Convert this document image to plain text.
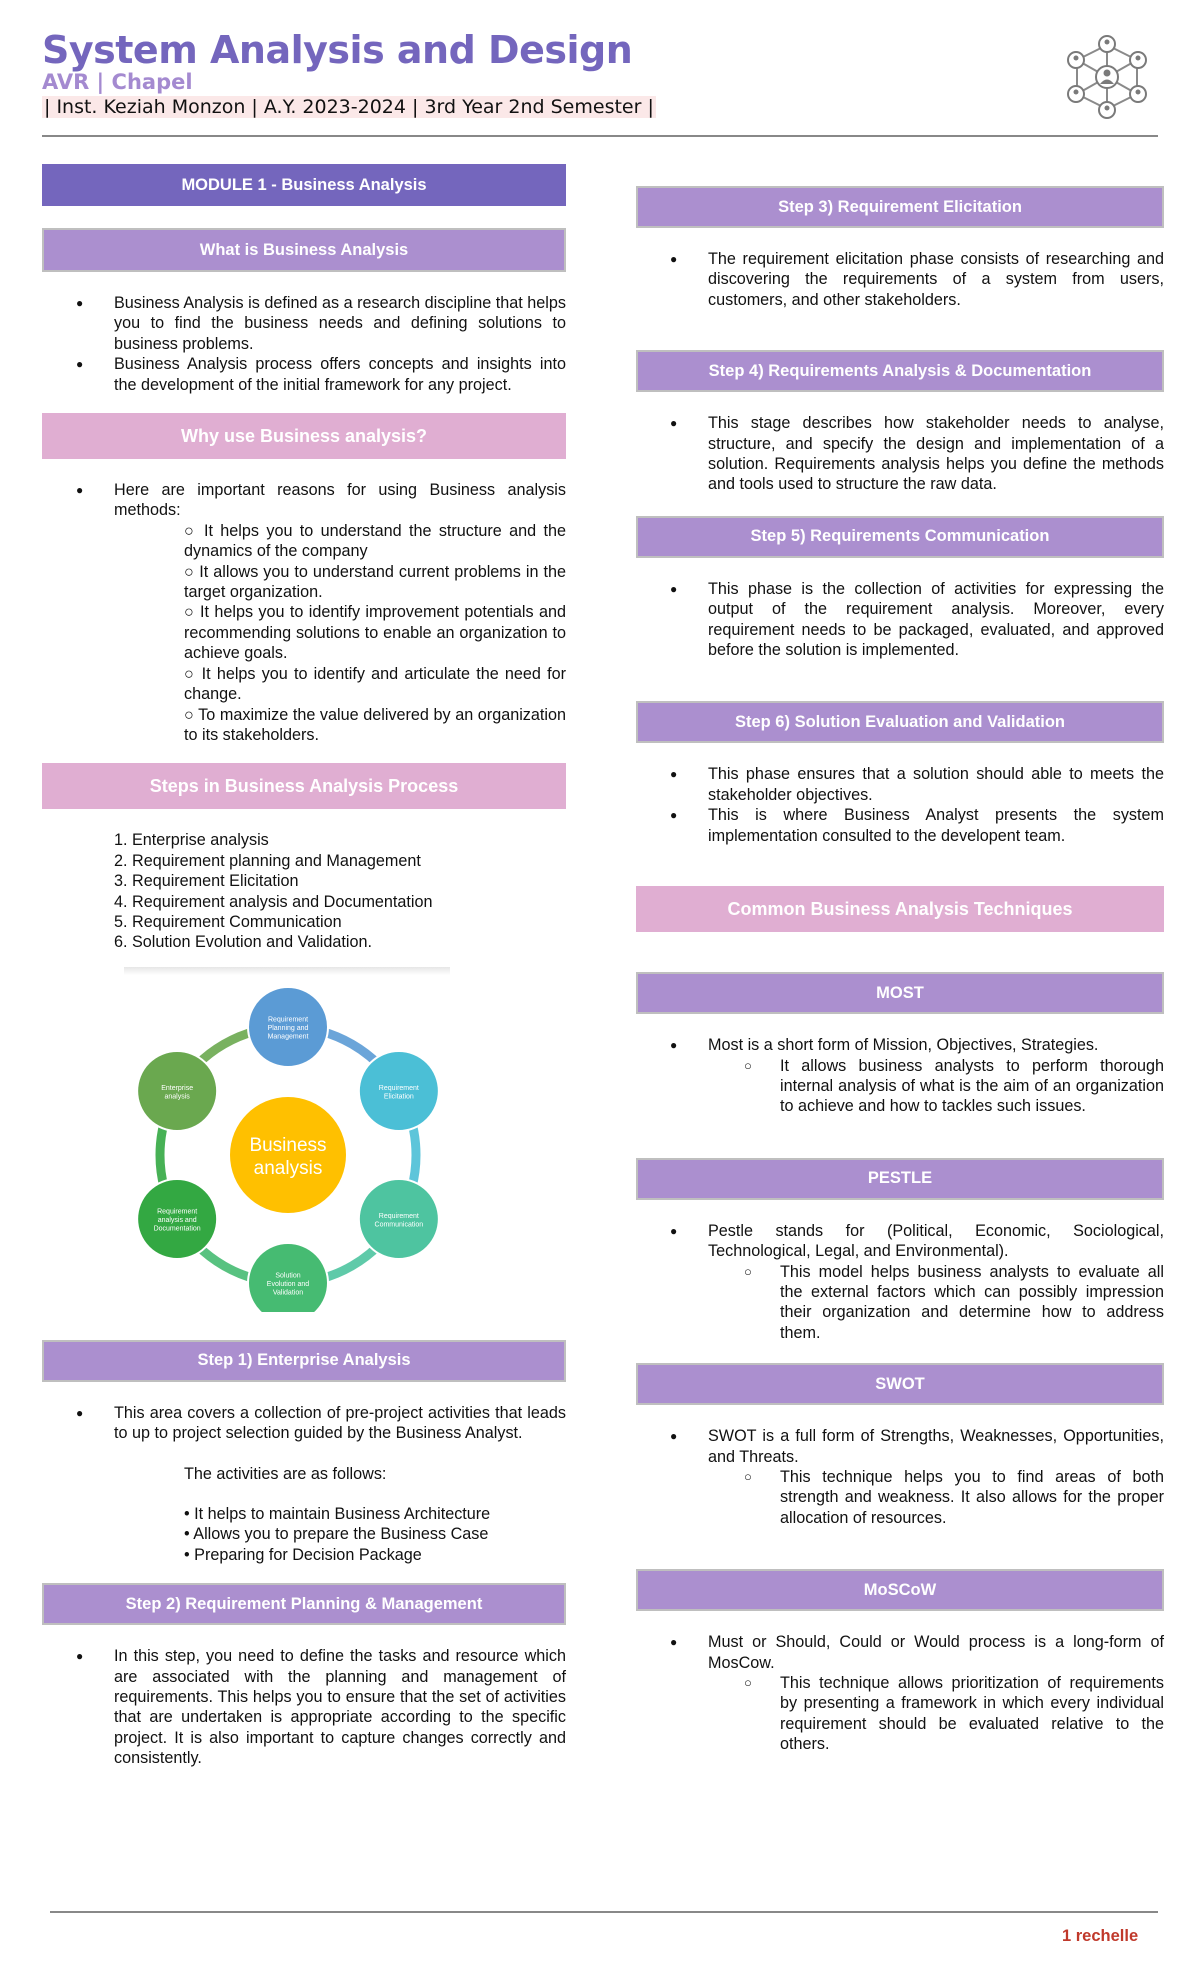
System Analysis and Design
AVR | Chapel
| Inst. Keziah Monzon | A.Y. 2023-2024 | 3rd Year 2nd Semester |
MODULE 1 - Business Analysis
What is Business Analysis
● Business Analysis is defined as a research discipline that helps you to find the business needs and defining solutions to business problems.
● Business Analysis process offers concepts and insights into the development of the initial framework for any project.
Why use Business analysis?
● Here are important reasons for using Business analysis methods:
○ It helps you to understand the structure and the dynamics of the company
○ It allows you to understand current problems in the target organization.
○ It helps you to identify improvement potentials and recommending solutions to enable an organization to achieve goals.
○ It helps you to identify and articulate the need for change.
○ To maximize the value delivered by an organization to its stakeholders.
Steps in Business Analysis Process
1. Enterprise analysis
2. Requirement planning and Management
3. Requirement Elicitation
4. Requirement analysis and Documentation
5. Requirement Communication
6. Solution Evolution and Validation.
Business
analysis
Requirement
Planning and
Management
Requirement
Elicitation
Requirement
Communication
Solution
Evolution and
Validation
Requirement
analysis and
Documentation
Enterprise
analysis
Step 1) Enterprise Analysis
● This area covers a collection of pre-project activities that leads to up to project selection guided by the Business Analyst.
The activities are as follows:
• It helps to maintain Business Architecture
• Allows you to prepare the Business Case
• Preparing for Decision Package
Step 2) Requirement Planning & Management
● In this step, you need to define the tasks and resource which are associated with the planning and management of requirements. This helps you to ensure that the set of activities that are undertaken is appropriate according to the specific project. It is also important to capture changes correctly and consistently.
Step 3) Requirement Elicitation
● The requirement elicitation phase consists of researching and discovering the requirements of a system from users, customers, and other stakeholders.
Step 4) Requirements Analysis & Documentation
● This stage describes how stakeholder needs to analyse, structure, and specify the design and implementation of a solution. Requirements analysis helps you define the methods and tools used to structure the raw data.
Step 5) Requirements Communication
● This phase is the collection of activities for expressing the output of the requirement analysis. Moreover, every requirement needs to be packaged, evaluated, and approved before the solution is implemented.
Step 6) Solution Evaluation and Validation
● This phase ensures that a solution should able to meets the stakeholder objectives.
● This is where Business Analyst presents the system implementation consulted to the developent team.
Common Business Analysis Techniques
MOST
● Most is a short form of Mission, Objectives, Strategies.
○ It allows business analysts to perform thorough internal analysis of what is the aim of an organization to achieve and how to tackles such issues.
PESTLE
● Pestle stands for (Political, Economic, Sociological, Technological, Legal, and Environmental).
○ This model helps business analysts to evaluate all the external factors which can possibly impression their organization and determine how to address them.
SWOT
● SWOT is a full form of Strengths, Weaknesses, Opportunities, and Threats.
○ This technique helps you to find areas of both strength and weakness. It also allows for the proper allocation of resources.
MoSCoW
● Must or Should, Could or Would process is a long-form of MosCow.
○ This technique allows prioritization of requirements by presenting a framework in which every individual requirement should be evaluated relative to the others.
1 rechelle
